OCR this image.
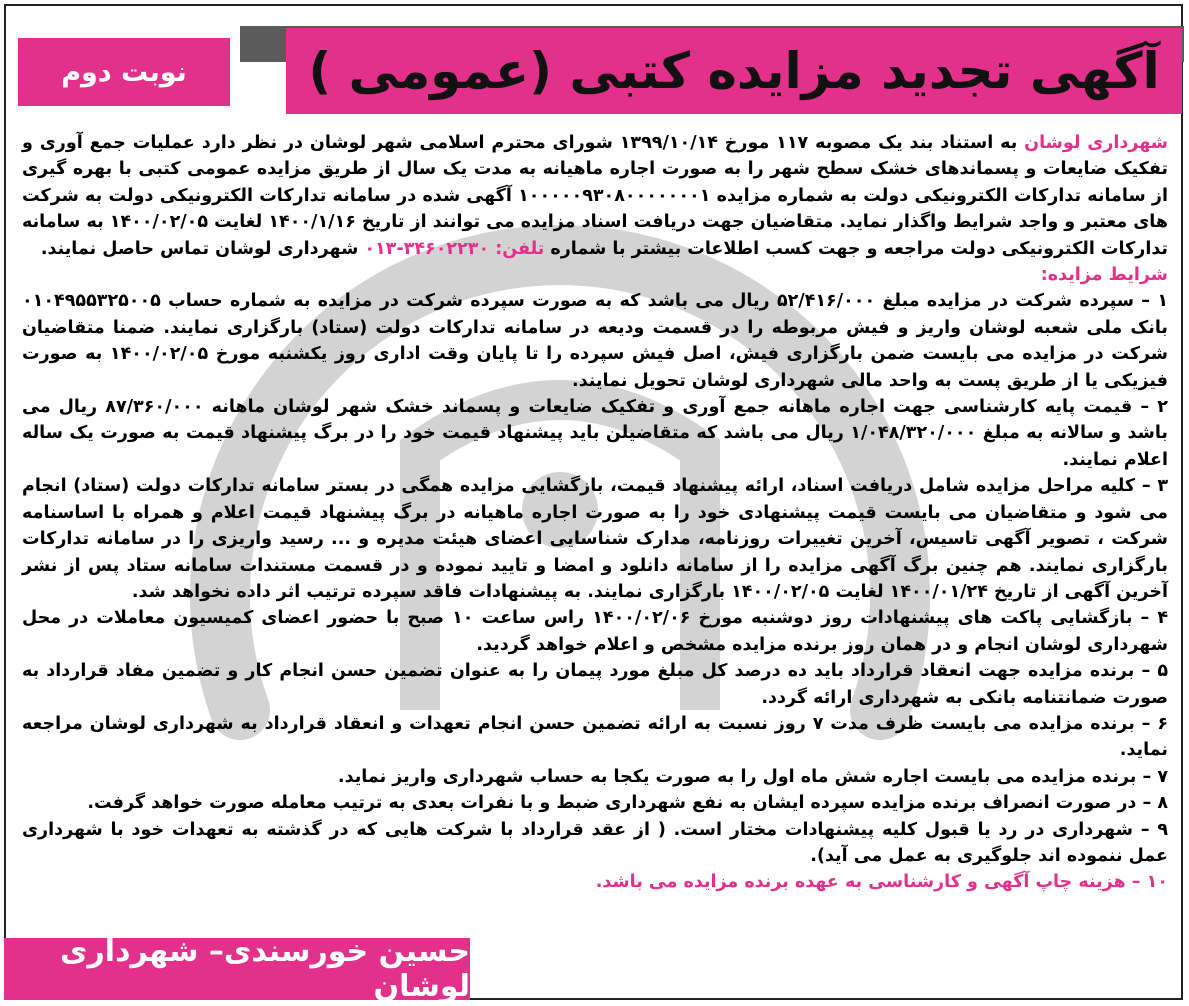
آگهی تجدید مزایده کتبی (عمومی )
نوبت دوم

شهرداری لوشان به استناد بند یک مصوبه ۱۱۷ مورخ ۱۳۹۹/۱۰/۱۴ شورای محترم اسلامی شهر لوشان در نظر دارد عملیات جمع آوری و تفکیک ضایعات و پسماندهای خشک سطح شهر را به صورت اجاره ماهیانه به مدت یک سال از طریق مزایده عمومی کتبی با بهره گیری از سامانه تدارکات الکترونیکی دولت به شماره مزایده ۱۰۰۰۰۰۹۳۰۸۰۰۰۰۰۰۰۱ آگهی شده در سامانه تدارکات الکترونیکی دولت به شرکت های معتبر و واجد شرایط واگذار نماید. متقاضیان جهت دریافت اسناد مزایده می توانند از تاریخ ۱۴۰۰/۱/۱۶ لغایت ۱۴۰۰/۰۲/۰۵ به سامانه تدارکات الکترونیکی دولت مراجعه و جهت کسب اطلاعات بیشتر با شماره تلفن: ۳۴۶۰۲۲۳۰-۰۱۳ شهرداری لوشان تماس حاصل نمایند.

شرایط مزایده:

۱ – سپرده شرکت در مزایده مبلغ ۵۲/۴۱۶/۰۰۰ ریال می باشد که به صورت سپرده شرکت در مزایده به شماره حساب ۰۱۰۴۹۵۵۳۲۵۰۰۵ بانک ملی شعبه لوشان واریز و فیش مربوطه را در قسمت ودیعه در سامانه تدارکات دولت (ستاد) بارگزاری نمایند. ضمنا متقاضیان شرکت در مزایده می بایست ضمن بارگزاری فیش، اصل فیش سپرده را تا پایان وقت اداری روز یکشنبه مورخ ۱۴۰۰/۰۲/۰۵ به صورت فیزیکی یا از طریق پست به واحد مالی شهرداری لوشان تحویل نمایند.

۲ – قیمت پایه کارشناسی جهت اجاره ماهانه جمع آوری و تفکیک ضایعات و پسماند خشک شهر لوشان ماهانه ۸۷/۳۶۰/۰۰۰ ریال می باشد و سالانه به مبلغ ۱/۰۴۸/۳۲۰/۰۰۰ ریال می باشد که متقاضیلن باید پیشنهاد قیمت خود را در برگ پیشنهاد قیمت به صورت یک ساله اعلام نمایند.

۳ – کلیه مراحل مزایده شامل دریافت اسناد، ارائه پیشنهاد قیمت، بازگشایی مزایده همگی در بستر سامانه تدارکات دولت (ستاد) انجام می شود و متقاضیان می بایست قیمت پیشنهادی خود را به صورت اجاره ماهیانه در برگ پیشنهاد قیمت اعلام و همراه با اساسنامه شرکت ، تصویر آگهی تاسیس، آخرین تغییرات روزنامه، مدارک شناسایی اعضای هیئت مدیره و ... رسید واریزی را در سامانه تدارکات بارگزاری نمایند. هم چنین برگ آگهی مزایده را از سامانه دانلود و امضا و تایید نموده و در قسمت مستندات سامانه ستاد پس از نشر آخرین آگهی از تاریخ ۱۴۰۰/۰۱/۲۴ لغایت ۱۴۰۰/۰۲/۰۵ بارگزاری نمایند. به پیشنهادات فاقد سپرده ترتیب اثر داده نخواهد شد.

۴ – بازگشایی پاکت های پیشنهادات روز دوشنبه مورخ ۱۴۰۰/۰۲/۰۶ راس ساعت ۱۰ صبح با حضور اعضای کمیسیون معاملات در محل شهرداری لوشان انجام و در همان روز برنده مزایده مشخص و اعلام خواهد گردید.

۵ – برنده مزایده جهت انعقاد قرارداد باید ده درصد کل مبلغ مورد پیمان را به عنوان تضمین حسن انجام کار و تضمین مفاد قرارداد به صورت ضمانتنامه بانکی به شهرداری ارائه گردد.

۶ – برنده مزایده می بایست ظرف مدت ۷ روز نسبت به ارائه تضمین حسن انجام تعهدات و انعقاد قرارداد به شهرداری لوشان مراجعه نماید.

۷ – برنده مزایده می بایست اجاره شش ماه اول را به صورت یکجا به حساب شهرداری واریز نماید.

۸ – در صورت انصراف برنده مزایده سپرده ایشان به نفع شهرداری ضبط و با نفرات بعدی به ترتیب معامله صورت خواهد گرفت.

۹ – شهرداری در رد یا قبول کلیه پیشنهادات مختار است. ( از عقد قرارداد با شرکت هایی که در گذشته به تعهدات خود با شهرداری عمل ننموده اند جلوگیری به عمل می آید).

۱۰ – هزینه چاپ آگهی و کارشناسی به عهده برنده مزایده می باشد.

حسین خورسندی– شهرداری لوشان
